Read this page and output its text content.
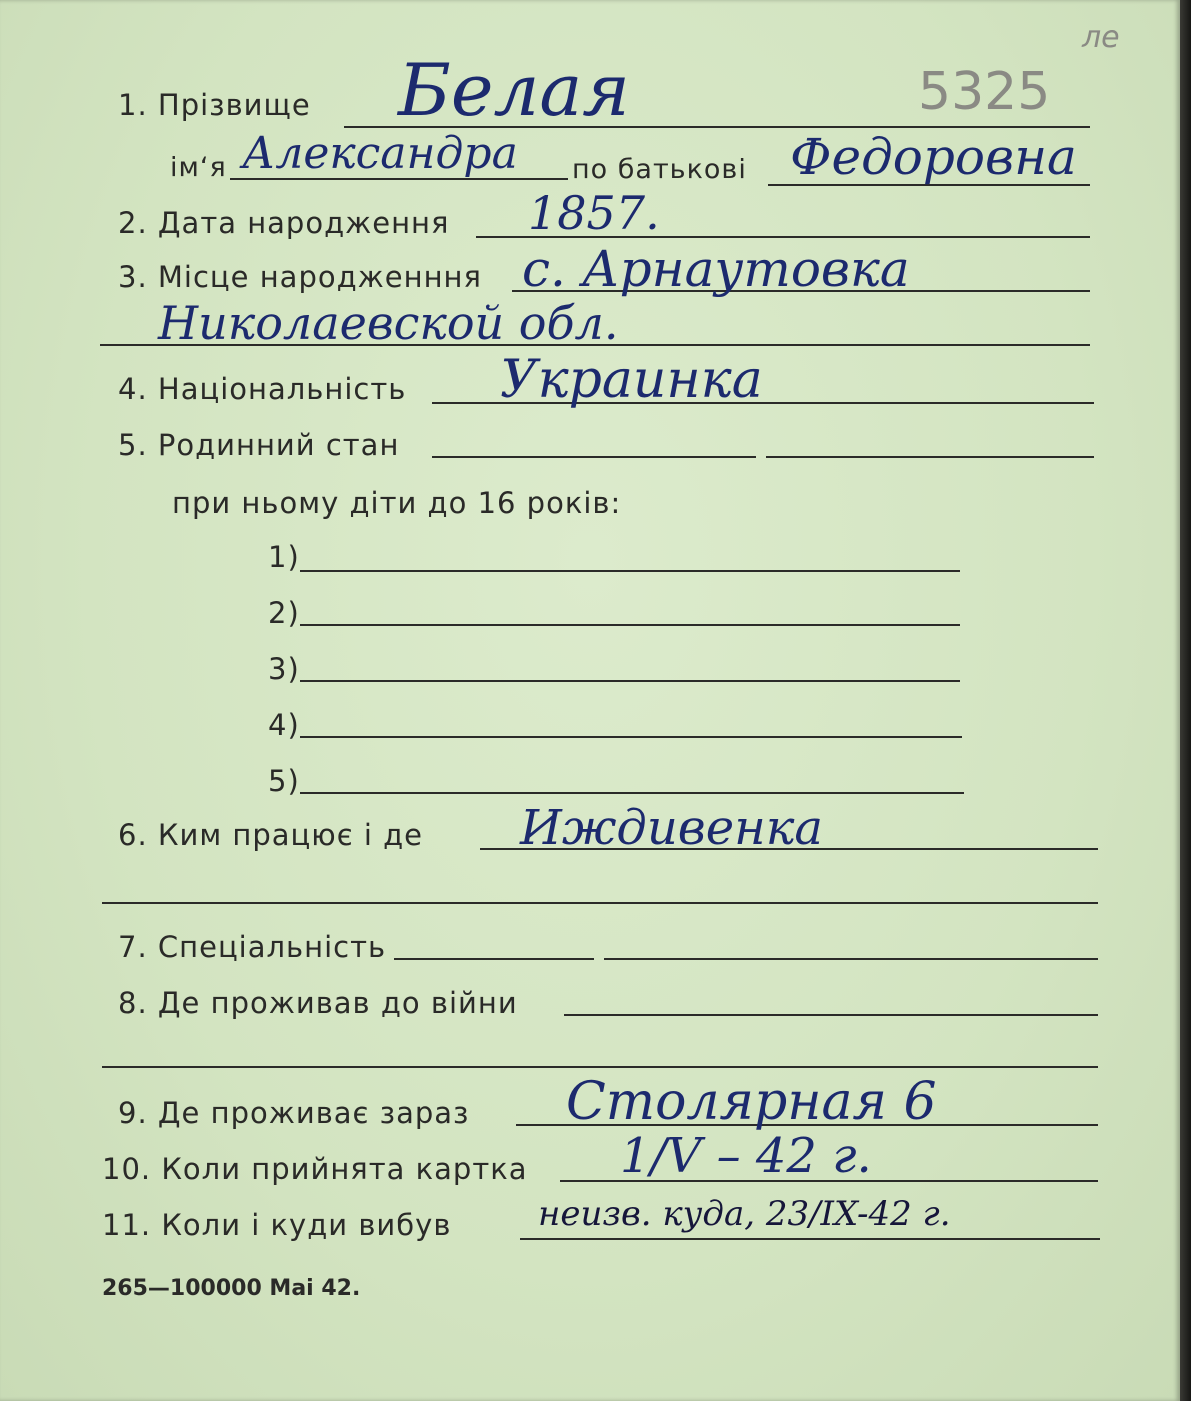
ле
5325
1. Прізвище Белая
ім‘я Александра по батькові Федоровна
2. Дата народження 1857.
3. Місце народженння с. Арнаутовка
Николаевской обл.
4. Національність Украинка
5. Родинний стан
при ньому діти до 16 років:
1)
2)
3)
4)
5)
6. Ким працює і де Иждивенка
7. Спеціальність
8. Де проживав до війни
9. Де проживає зараз Столярная 6
10. Коли прийнята картка 1/V – 42 г.
11. Коли і куди вибув	неизв. куда, 23/IX-42 г.
265—100000 Маі 42.
